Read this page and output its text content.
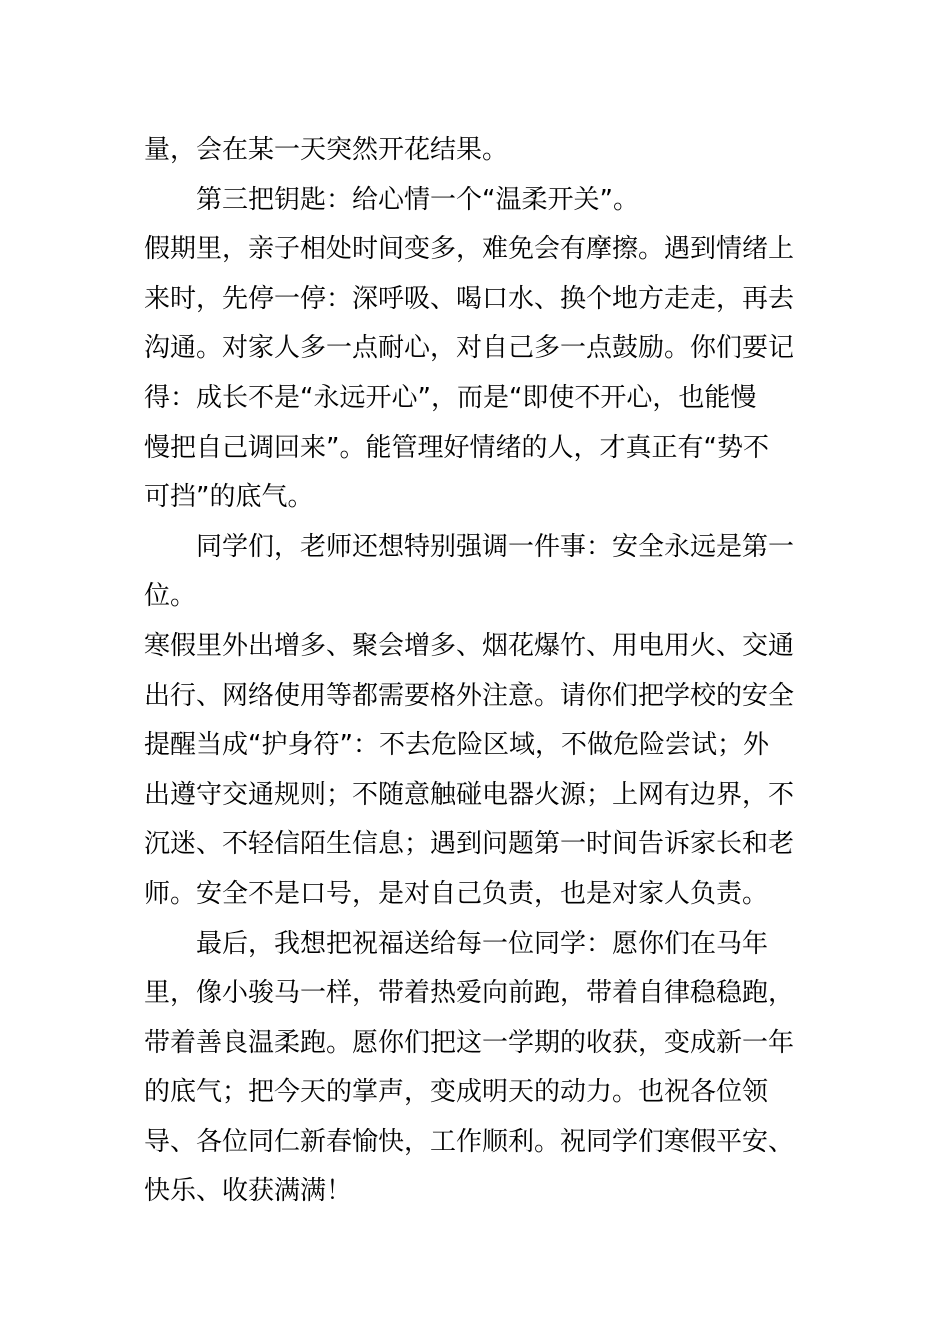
量，会在某一天突然开花结果。
第三把钥匙：给心情一个“温柔开关”。
假期里，亲子相处时间变多，难免会有摩擦。遇到情绪上
来时，先停一停：深呼吸、喝口水、换个地方走走，再去
沟通。对家人多一点耐心，对自己多一点鼓励。你们要记
得：成长不是“永远开心”，而是“即使不开心，也能慢
慢把自己调回来”。能管理好情绪的人，才真正有“势不
可挡”的底气。
同学们，老师还想特别强调一件事：安全永远是第一
位。
寒假里外出增多、聚会增多、烟花爆竹、用电用火、交通
出行、网络使用等都需要格外注意。请你们把学校的安全
提醒当成“护身符”：不去危险区域，不做危险尝试；外
出遵守交通规则；不随意触碰电器火源；上网有边界，不
沉迷、不轻信陌生信息；遇到问题第一时间告诉家长和老
师。安全不是口号，是对自己负责，也是对家人负责。
最后，我想把祝福送给每一位同学：愿你们在马年
里，像小骏马一样，带着热爱向前跑，带着自律稳稳跑，
带着善良温柔跑。愿你们把这一学期的收获，变成新一年
的底气；把今天的掌声，变成明天的动力。也祝各位领
导、各位同仁新春愉快，工作顺利。祝同学们寒假平安、
快乐、收获满满！
